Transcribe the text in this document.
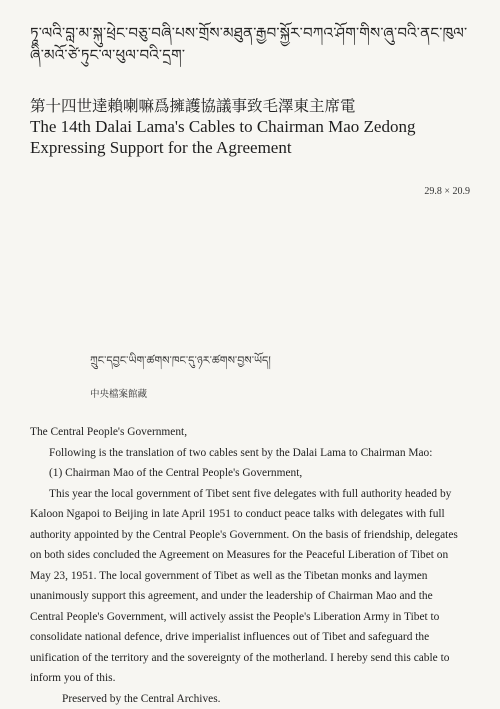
ཏཱ་ལའི་བླ་མ་སྐུ་ཕྲེང་བཅུ་བཞི་པས་གྲོས་མཐུན་རྒྱབ་སྐྱོར་བཀའ་ཤོག་གིས་ཞུ་བའི་ནང་ཁུལ་ཞི་མའོ་ཙེ་ཏུང་ལ་ཕུལ་བའི་དྲག་
第十四世達賴喇嘛爲擁護協議事致毛澤東主席電
The 14th Dalai Lama's Cables to Chairman Mao Zedong Expressing Support for the Agreement
29.8 × 20.9
ཀྲུང་དབྱང་ཡིག་ཚགས་ཁང་དུ་ཉར་ཚགས་བྱས་ཡོད།
中央檔案館藏

The Central People's Government,

Following is the translation of two cables sent by the Dalai Lama to Chairman Mao:

(1) Chairman Mao of the Central People's Government,

This year the local government of Tibet sent five delegates with full authority headed by Kaloon Ngapoi to Beijing in late April 1951 to conduct peace talks with delegates with full authority appointed by the Central People's Government. On the basis of friendship, delegates on both sides concluded the Agreement on Measures for the Peaceful Liberation of Tibet on May 23, 1951. The local government of Tibet as well as the Tibetan monks and laymen unanimously support this agreement, and under the leadership of Chairman Mao and the Central People's Government, will actively assist the People's Liberation Army in Tibet to consolidate national defence, drive imperialist influences out of Tibet and safeguard the unification of the territory and the sovereignty of the motherland. I hereby send this cable to inform you of this.

Preserved by the Central Archives.
